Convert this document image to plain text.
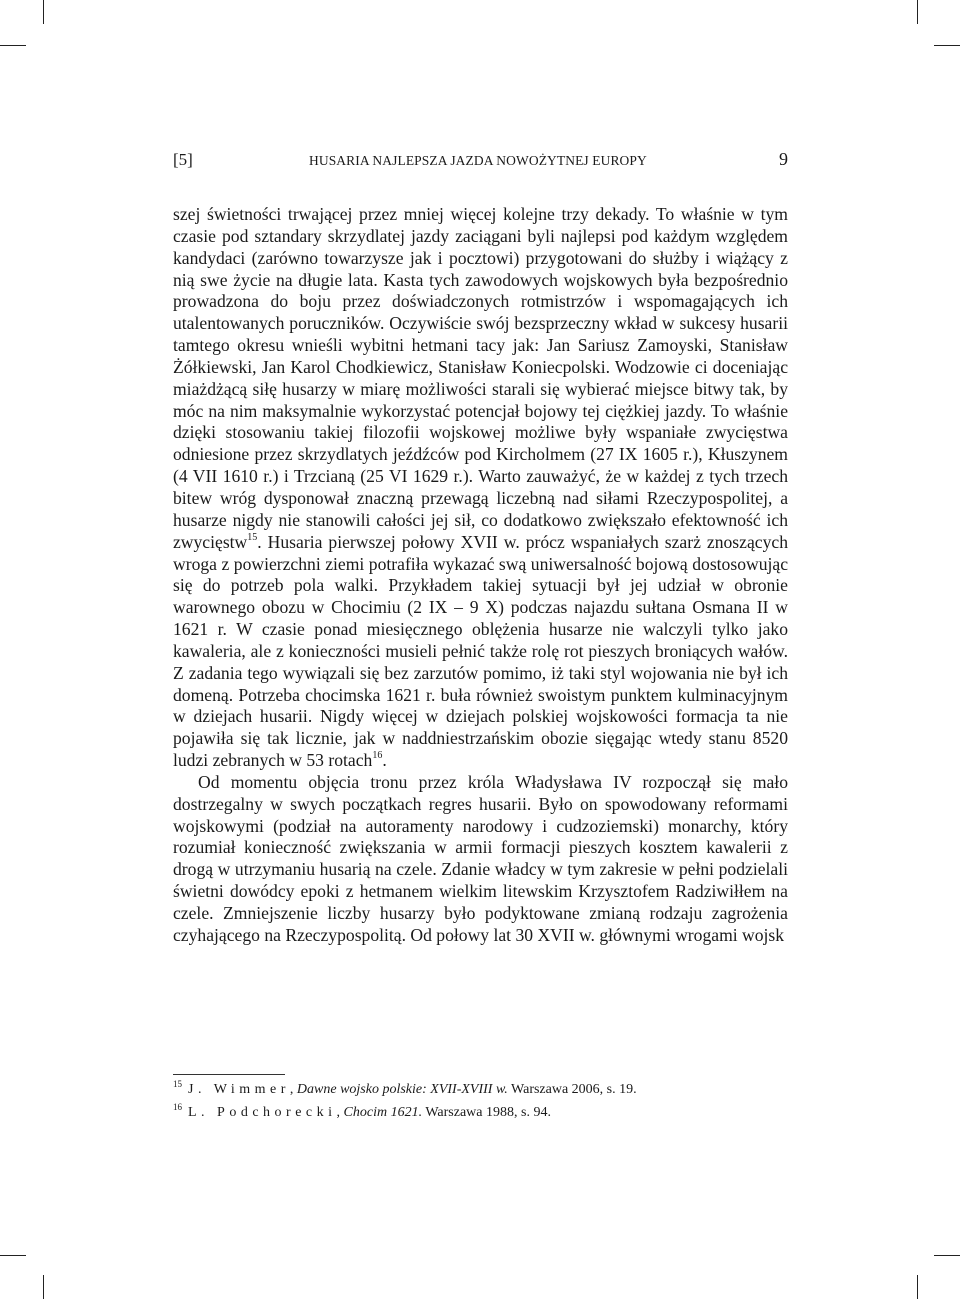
[5]	HUSARIA NAJLEPSZA JAZDA NOWOŻYTNEJ EUROPY	9

szej świetności trwającej przez mniej więcej kolejne trzy dekady. To właśnie w tym czasie pod sztandary skrzydlatej jazdy zaciągani byli najlepsi pod każdym względem kandydaci (zarówno towarzysze jak i pocztowi) przygotowani do służby i wiążący z nią swe życie na długie lata. Kasta tych zawodowych wojskowych była bezpośrednio prowadzona do boju przez doświadczonych rotmistrzów i wspomagających ich utalentowanych poruczników. Oczywiście swój bezsprzeczny wkład w sukcesy husarii tamtego okresu wnieśli wybitni hetmani tacy jak: Jan Sariusz Zamoyski, Stanisław Żółkiewski, Jan Karol Chodkiewicz, Stanisław Koniecpolski. Wodzowie ci doceniając miażdżącą siłę husarzy w miarę możliwości starali się wybierać miejsce bitwy tak, by móc na nim maksymalnie wykorzystać potencjał bojowy tej ciężkiej jazdy. To właśnie dzięki stosowaniu takiej filozofii wojskowej możliwe były wspaniałe zwycięstwa odniesione przez skrzydlatych jeźdźców pod Kircholmem (27 IX 1605 r.), Kłuszynem (4 VII 1610 r.) i Trzcianą (25 VI 1629 r.). Warto zauważyć, że w każdej z tych trzech bitew wróg dysponował znaczną przewagą liczebną nad siłami Rzeczypospolitej, a husarze nigdy nie stanowili całości jej sił, co dodatkowo zwiększało efektowność ich zwycięstw$^{15}$. Husaria pierwszej połowy XVII w. prócz wspaniałych szarż znoszących wroga z powierzchni ziemi potrafiła wykazać swą uniwersalność bojową dostosowując się do potrzeb pola walki. Przykładem takiej sytuacji był jej udział w obronie warownego obozu w Chocimiu (2 IX – 9 X) podczas najazdu sułtana Osmana II w 1621 r. W czasie ponad miesięcznego oblężenia husarze nie walczyli tylko jako kawaleria, ale z konieczności musieli pełnić także rolę rot pieszych broniących wałów. Z zadania tego wywiązali się bez zarzutów pomimo, iż taki styl wojowania nie był ich domeną. Potrzeba chocimska 1621 r. buła również swoistym punktem kulminacyjnym w dziejach husarii. Nigdy więcej w dziejach polskiej wojskowości formacja ta nie pojawiła się tak licznie, jak w naddniestrzańskim obozie sięgając wtedy stanu 8520 ludzi zebranych w 53 rotach$^{16}$.

Od momentu objęcia tronu przez króla Władysława IV rozpoczął się mało dostrzegalny w swych początkach regres husarii. Było on spowodowany reformami wojskowymi (podział na autoramenty narodowy i cudzoziemski) monarchy, który rozumiał konieczność zwiększania w armii formacji pieszych kosztem kawalerii z drogą w utrzymaniu husarią na czele. Zdanie władcy w tym zakresie w pełni podzielali świetni dowódcy epoki z hetmanem wielkim litewskim Krzysztofem Radziwiłłem na czele. Zmniejszenie liczby husarzy było podyktowane zmianą rodzaju zagrożenia czyhającego na Rzeczypospolitą. Od połowy lat 30 XVII w. głównymi wrogami wojsk

$^{15}$ J. Wimmer, Dawne wojsko polskie: XVII-XVIII w. Warszawa 2006, s. 19.
$^{16}$ L. Podchorecki, Chocim 1621. Warszawa 1988, s. 94.
